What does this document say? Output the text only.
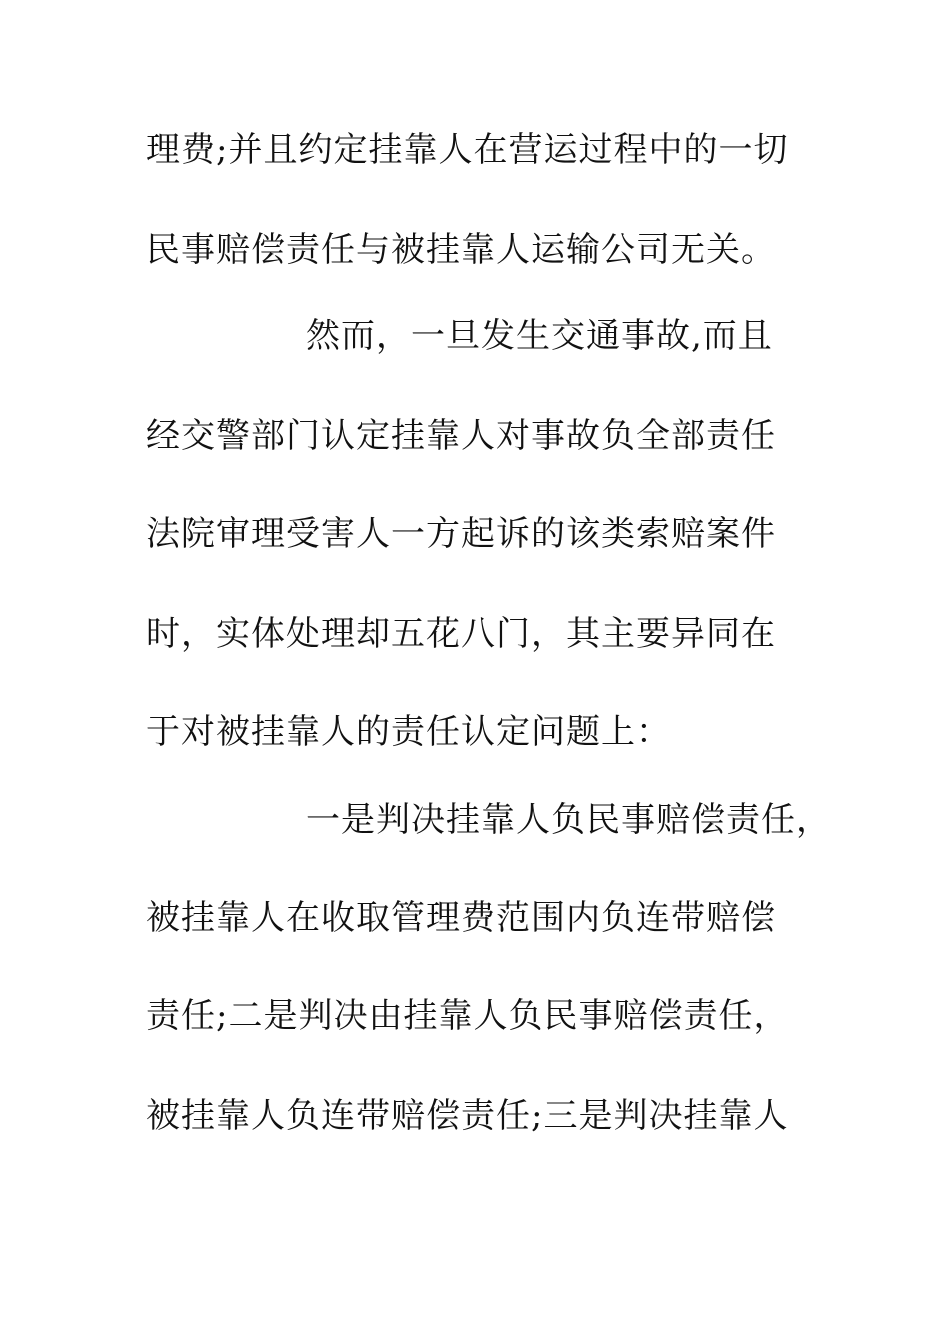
理费;并且约定挂靠人在营运过程中的一切

民事赔偿责任与被挂靠人运输公司无关。

然而，一旦发生交通事故,而且

经交警部门认定挂靠人对事故负全部责任

法院审理受害人一方起诉的该类索赔案件

时，实体处理却五花八门，其主要异同在

于对被挂靠人的责任认定问题上：

一是判决挂靠人负民事赔偿责任，

被挂靠人在收取管理费范围内负连带赔偿

责任;二是判决由挂靠人负民事赔偿责任，

被挂靠人负连带赔偿责任;三是判决挂靠人
